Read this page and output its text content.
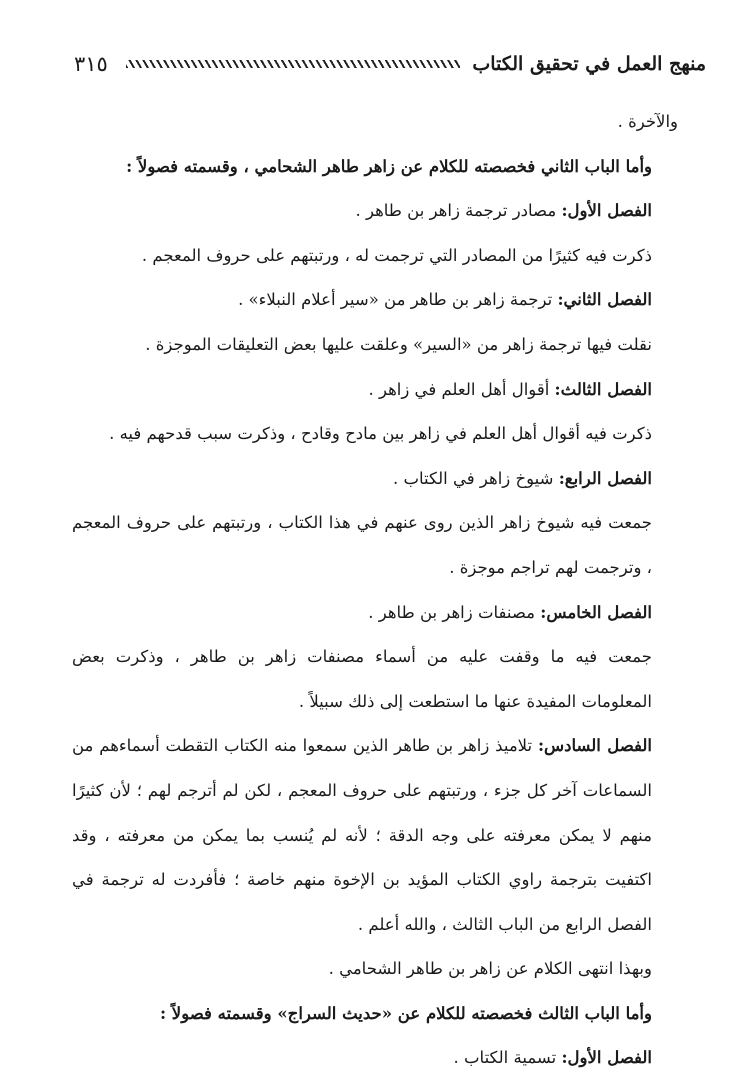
منهج العمل في تحقيق الكتاب
٣١٥

والآخرة .

وأما الباب الثاني فخصصته للكلام عن زاهر طاهر الشحامي ، وقسمته فصولاً :

الفصل الأول: مصادر ترجمة زاهر بن طاهر .

ذكرت فيه كثيرًا من المصادر التي ترجمت له ، ورتبتهم على حروف المعجم .

الفصل الثاني: ترجمة زاهر بن طاهر من «سير أعلام النبلاء» .

نقلت فيها ترجمة زاهر من «السير» وعلقت عليها بعض التعليقات الموجزة .

الفصل الثالث: أقوال أهل العلم في زاهر .

ذكرت فيه أقوال أهل العلم في زاهر بين مادح وقادح ، وذكرت سبب قدحهم فيه .

الفصل الرابع: شيوخ زاهر في الكتاب .

جمعت فيه شيوخ زاهر الذين روى عنهم في هذا الكتاب ، ورتبتهم على حروف المعجم ، وترجمت لهم تراجم موجزة .

الفصل الخامس: مصنفات زاهر بن طاهر .

جمعت فيه ما وقفت عليه من أسماء مصنفات زاهر بن طاهر ، وذكرت بعض المعلومات المفيدة عنها ما استطعت إلى ذلك سبيلاً .

الفصل السادس: تلاميذ زاهر بن طاهر الذين سمعوا منه الكتاب التقطت أسماءهم من السماعات آخر كل جزء ، ورتبتهم على حروف المعجم ، لكن لم أترجم لهم ؛ لأن كثيرًا منهم لا يمكن معرفته على وجه الدقة ؛ لأنه لم يُنسب بما يمكن من معرفته ، وقد اكتفيت بترجمة راوي الكتاب المؤيد بن الإخوة منهم خاصة ؛ فأفردت له ترجمة في الفصل الرابع من الباب الثالث ، والله أعلم .

وبهذا انتهى الكلام عن زاهر بن طاهر الشحامي .

وأما الباب الثالث فخصصته للكلام عن «حديث السراج» وقسمته فصولاً :

الفصل الأول: تسمية الكتاب .
